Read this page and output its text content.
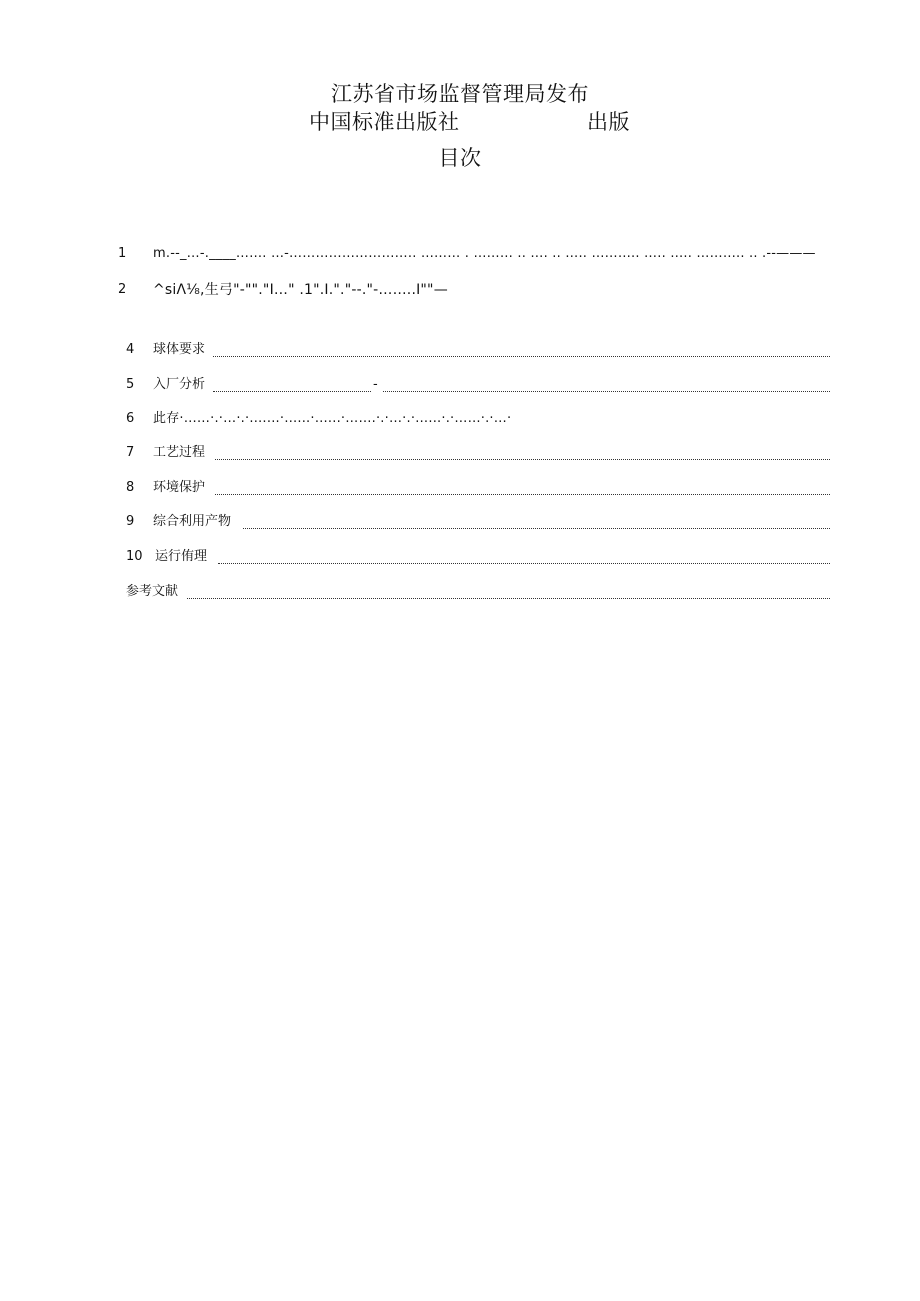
江苏省市场监督管理局发布
中国标准出版社	出版
目次
1 m.--_…-.____……. …-……………………….. ……… . ……… .. …. .. ….. ……….. ….. ….. ……….. .. .--———
2 ^siΛ⅛,生弓"-""."I…" .1".I."."--."-……..I""—
4 球体要求
5 入厂分析	-
6 此存·……·.·…·.·.…...·…...·…...·…….·.·…·.·…...·.·……·.·…·
7 工艺过程
8 环境保护
9 综合利用产物
10 运行侑理
参考文献
